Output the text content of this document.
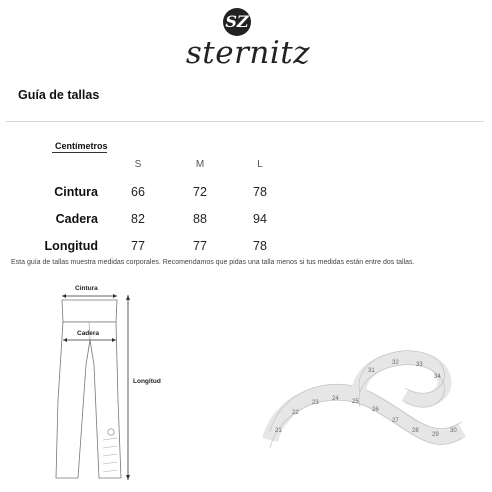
SZ
sternitz
Guía de tallas
Centímetros
S	M	L
Cintura	66	72	78
Cadera	82	88	94
Longitud	77	77	78
Esta guía de tallas muestra medidas corporales. Recomendamos que pidas una talla menos si tus medidas están entre dos tallas.
21
22
23
24 25
26
27
28
29
30
31
32	33
34
Cintura
Cadera
Longitud
